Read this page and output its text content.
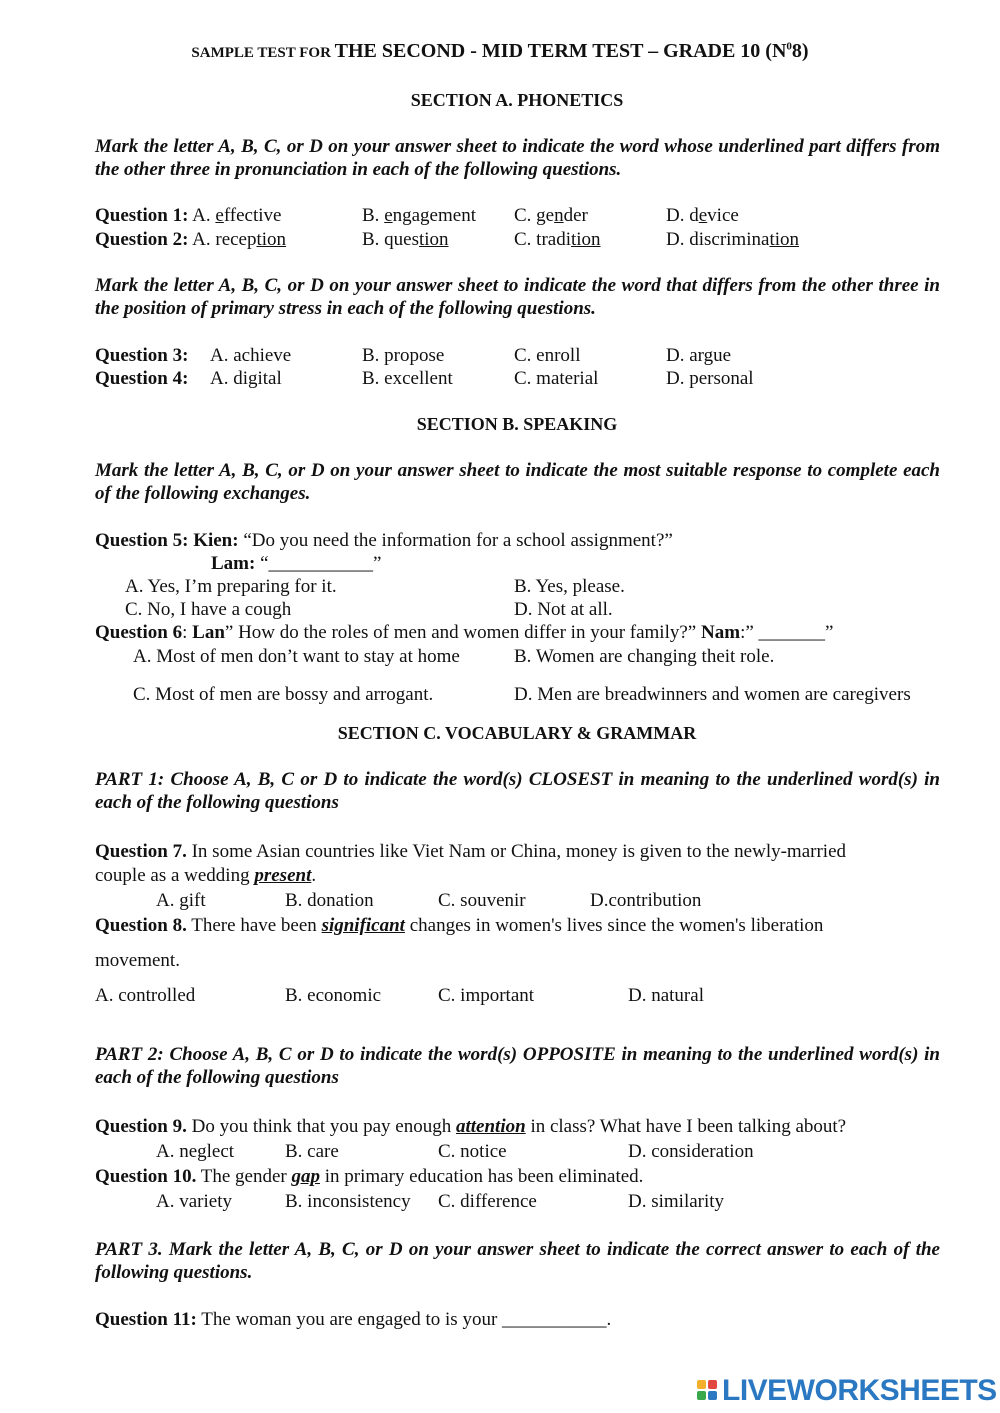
SAMPLE TEST FOR THE SECOND - MID TERM TEST – GRADE 10 $(N^08)$
SECTION A. PHONETICS
Mark the letter A, B, C, or D on your answer sheet to indicate the word whose underlined part differs from the other three in pronunciation in each of the following questions.
Question 1: A. effective	B. engagement C. gender	D. device
Question 2: A. reception	B. question	C. tradition	D. discrimination
Mark the letter A, B, C, or D on your answer sheet to indicate the word that differs from the other three in the position of primary stress in each of the following questions.
Question 3: A. achieve	B. propose	C. enroll	D. argue
Question 4: A. digital	B. excellent	C. material	D. personal
SECTION B. SPEAKING
Mark the letter A, B, C, or D on your answer sheet to indicate the most suitable response to complete each of the following exchanges.
Question 5: Kien: “Do you need the information for a school assignment?”
Lam: “___________”
A. Yes, I’m preparing for it.	B. Yes, please.
C. No, I have a cough	D. Not at all.
Question 6: Lan” How do the roles of men and women differ in your family?” Nam:” _______”
A. Most of men don’t want to stay at home	B. Women are changing theit role.
C. Most of men are bossy and arrogant.	D. Men are breadwinners and women are caregivers
SECTION C. VOCABULARY & GRAMMAR
PART 1: Choose A, B, C or D to indicate the word(s) CLOSEST in meaning to the underlined word(s) in each of the following questions
Question 7. In some Asian countries like Viet Nam or China, money is given to the newly-married
couple as a wedding present.
A. gift	B. donation	C. souvenir	D.contribution
Question 8. There have been significant changes in women's lives since the women's liberation
movement.
A. controlled	B. economic	C. important	D. natural
PART 2: Choose A, B, C or D to indicate the word(s) OPPOSITE in meaning to the underlined word(s) in each of the following questions
Question 9. Do you think that you pay enough attention in class? What have I been talking about?
A. neglect	B. care	C. notice	D. consideration
Question 10. The gender gap in primary education has been eliminated.
A. variety	B. inconsistency C. difference	D. similarity
PART 3. Mark the letter A, B, C, or D on your answer sheet to indicate the correct answer to each of the following questions.
Question 11: The woman you are engaged to is your ___________.
LIVEWORKSHEETS
